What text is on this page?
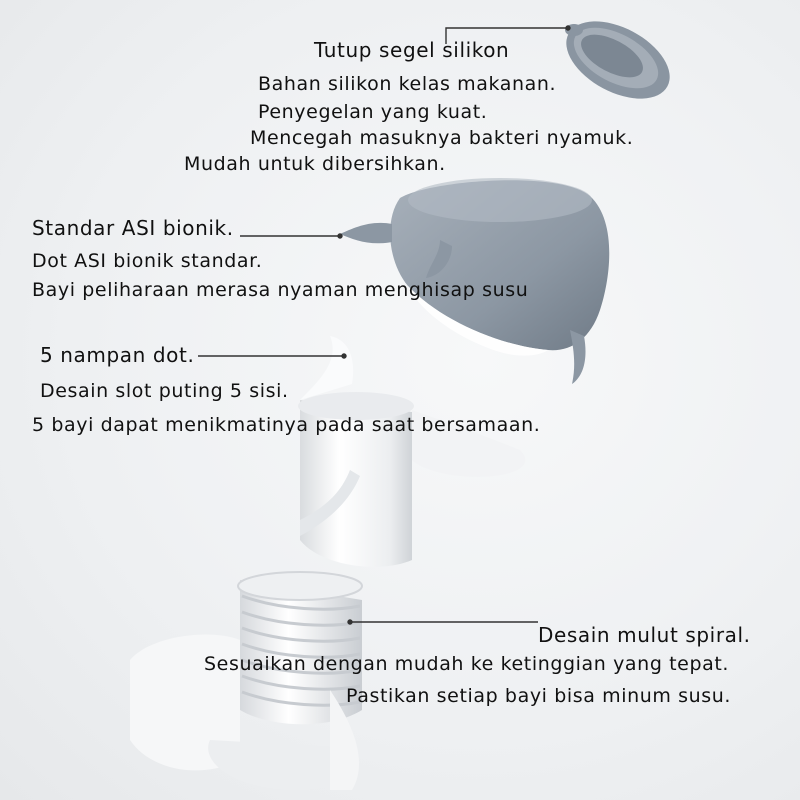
Tutup segel silikon
Bahan silikon kelas makanan.
Penyegelan yang kuat.
Mencegah masuknya bakteri nyamuk.
Mudah untuk dibersihkan.
Standar ASI bionik.
Dot ASI bionik standar.
Bayi peliharaan merasa nyaman menghisap susu
5 nampan dot.
Desain slot puting 5 sisi.
5 bayi dapat menikmatinya pada saat bersamaan.
Desain mulut spiral.
Sesuaikan dengan mudah ke ketinggian yang tepat.
Pastikan setiap bayi bisa minum susu.
